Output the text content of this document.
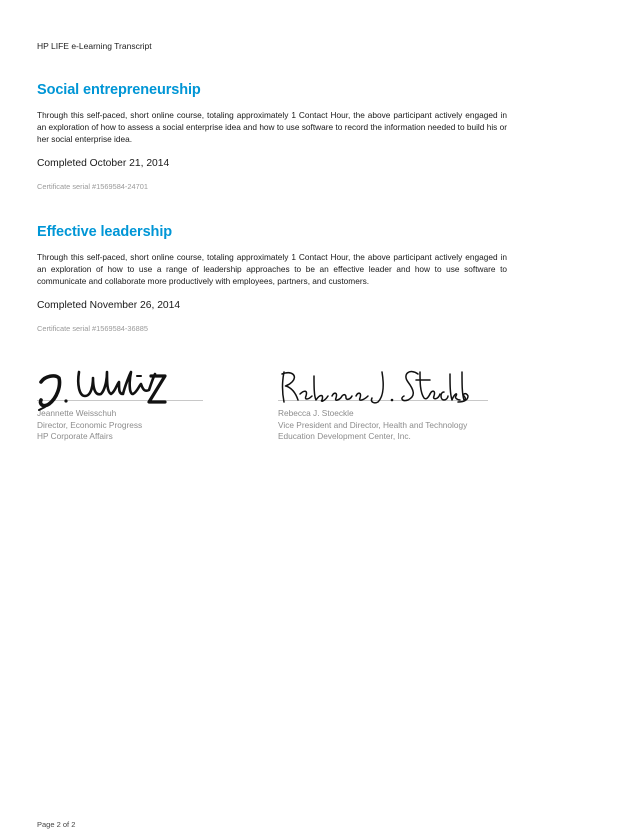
HP LIFE e-Learning Transcript
Social entrepreneurship

Through this self-paced, short online course, totaling approximately 1 Contact Hour, the above participant actively engaged in an exploration of how to assess a social enterprise idea and how to use software to record the information needed to build his or her social enterprise idea.

Completed October 21, 2014

Certificate serial #1569584-24701

Effective leadership

Through this self-paced, short online course, totaling approximately 1 Contact Hour, the above participant actively engaged in an exploration of how to use a range of leadership approaches to be an effective leader and how to use software to communicate and collaborate more productively with employees, partners, and customers.

Completed November 26, 2014

Certificate serial #1569584-36885

Jeannette Weisschuh
Director, Economic Progress
HP Corporate Affairs
Rebecca J. Stoeckle
Vice President and Director, Health and Technology
Education Development Center, Inc.
Page 2 of 2
